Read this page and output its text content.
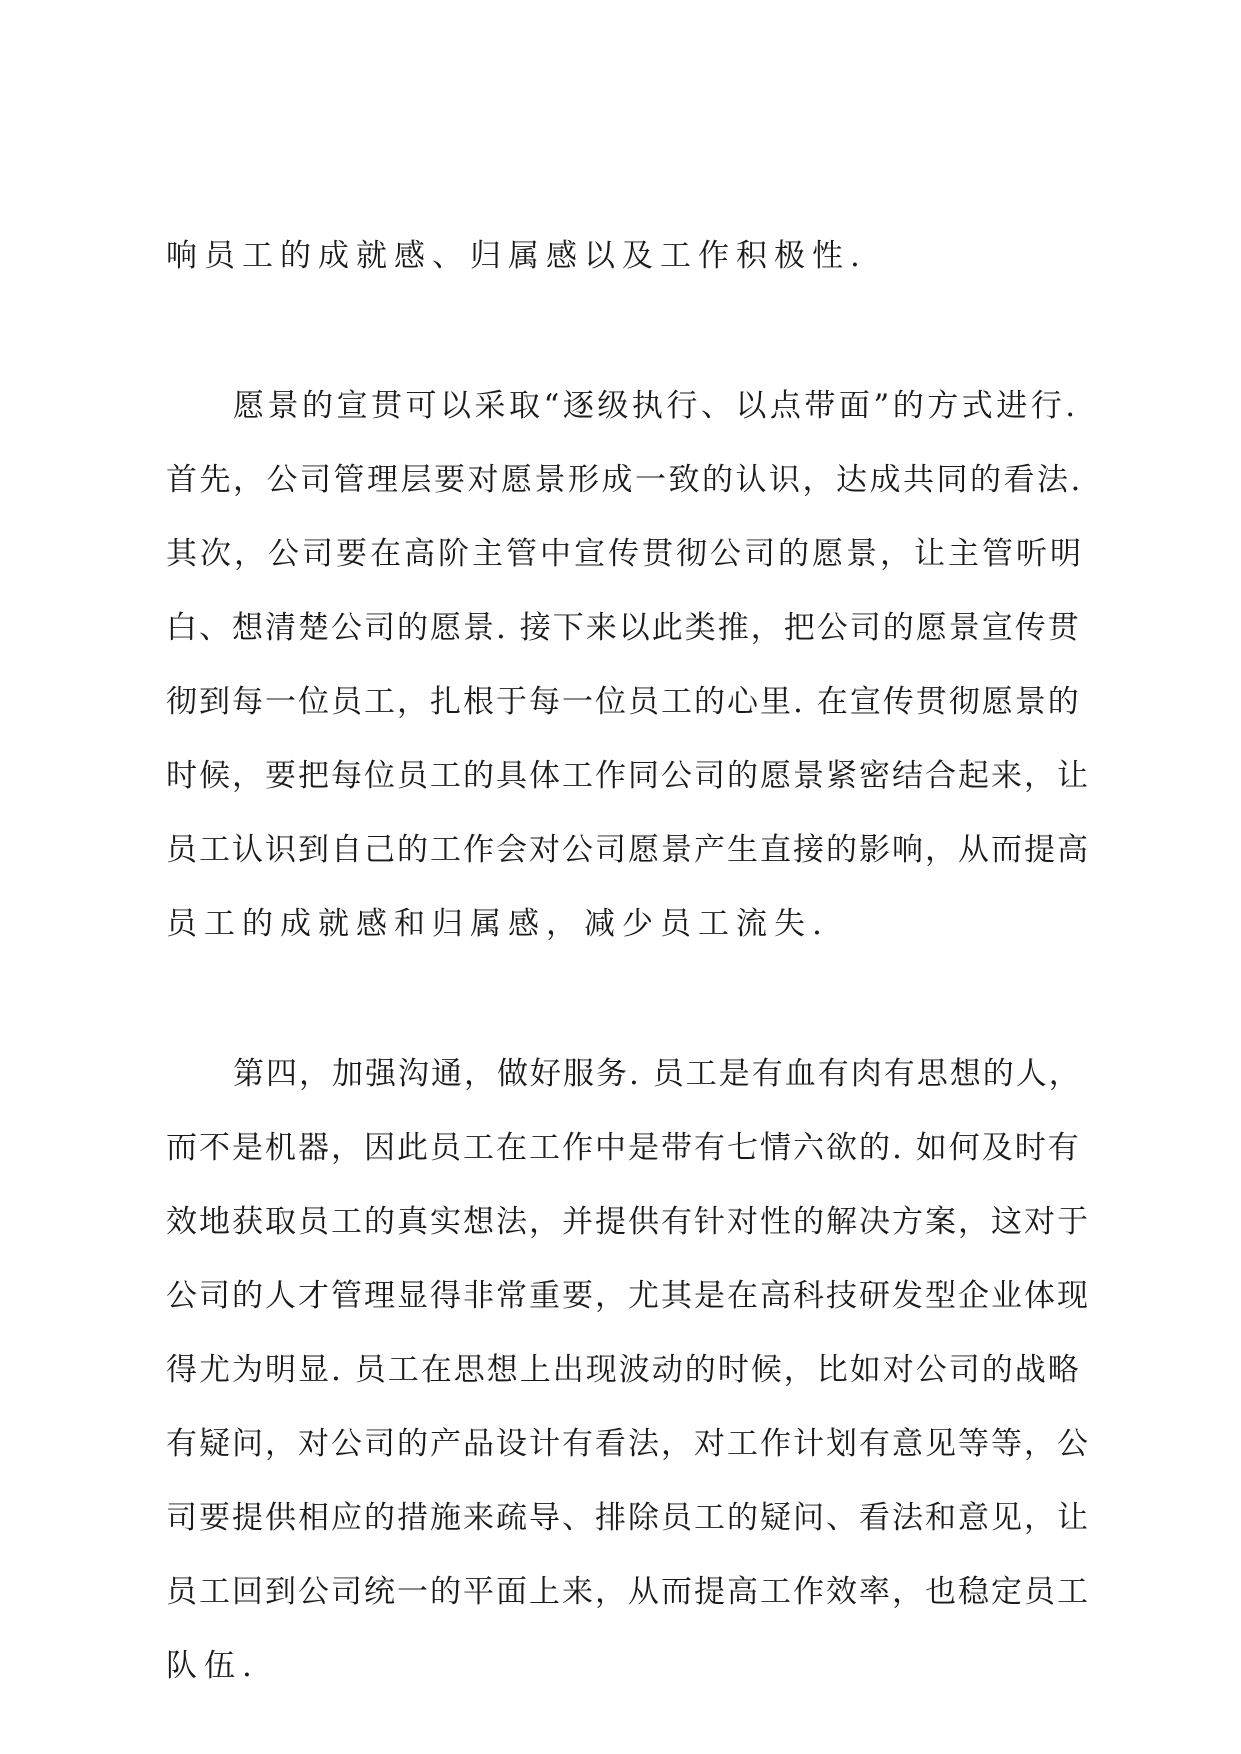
响员工的成就感、归属感以及工作积极性.

愿景的宣贯可以采取“逐级执行、以点带面”的方式进行.

首先，公司管理层要对愿景形成一致的认识，达成共同的看法.

其次，公司要在高阶主管中宣传贯彻公司的愿景，让主管听明

白、想清楚公司的愿景. 接下来以此类推，把公司的愿景宣传贯

彻到每一位员工，扎根于每一位员工的心里. 在宣传贯彻愿景的

时候，要把每位员工的具体工作同公司的愿景紧密结合起来，让

员工认识到自己的工作会对公司愿景产生直接的影响，从而提高

员工的成就感和归属感，减少员工流失.

第四，加强沟通，做好服务. 员工是有血有肉有思想的人，

而不是机器，因此员工在工作中是带有七情六欲的. 如何及时有

效地获取员工的真实想法，并提供有针对性的解决方案，这对于

公司的人才管理显得非常重要，尤其是在高科技研发型企业体现

得尤为明显. 员工在思想上出现波动的时候，比如对公司的战略

有疑问，对公司的产品设计有看法，对工作计划有意见等等，公

司要提供相应的措施来疏导、排除员工的疑问、看法和意见，让

员工回到公司统一的平面上来，从而提高工作效率，也稳定员工

队伍.
